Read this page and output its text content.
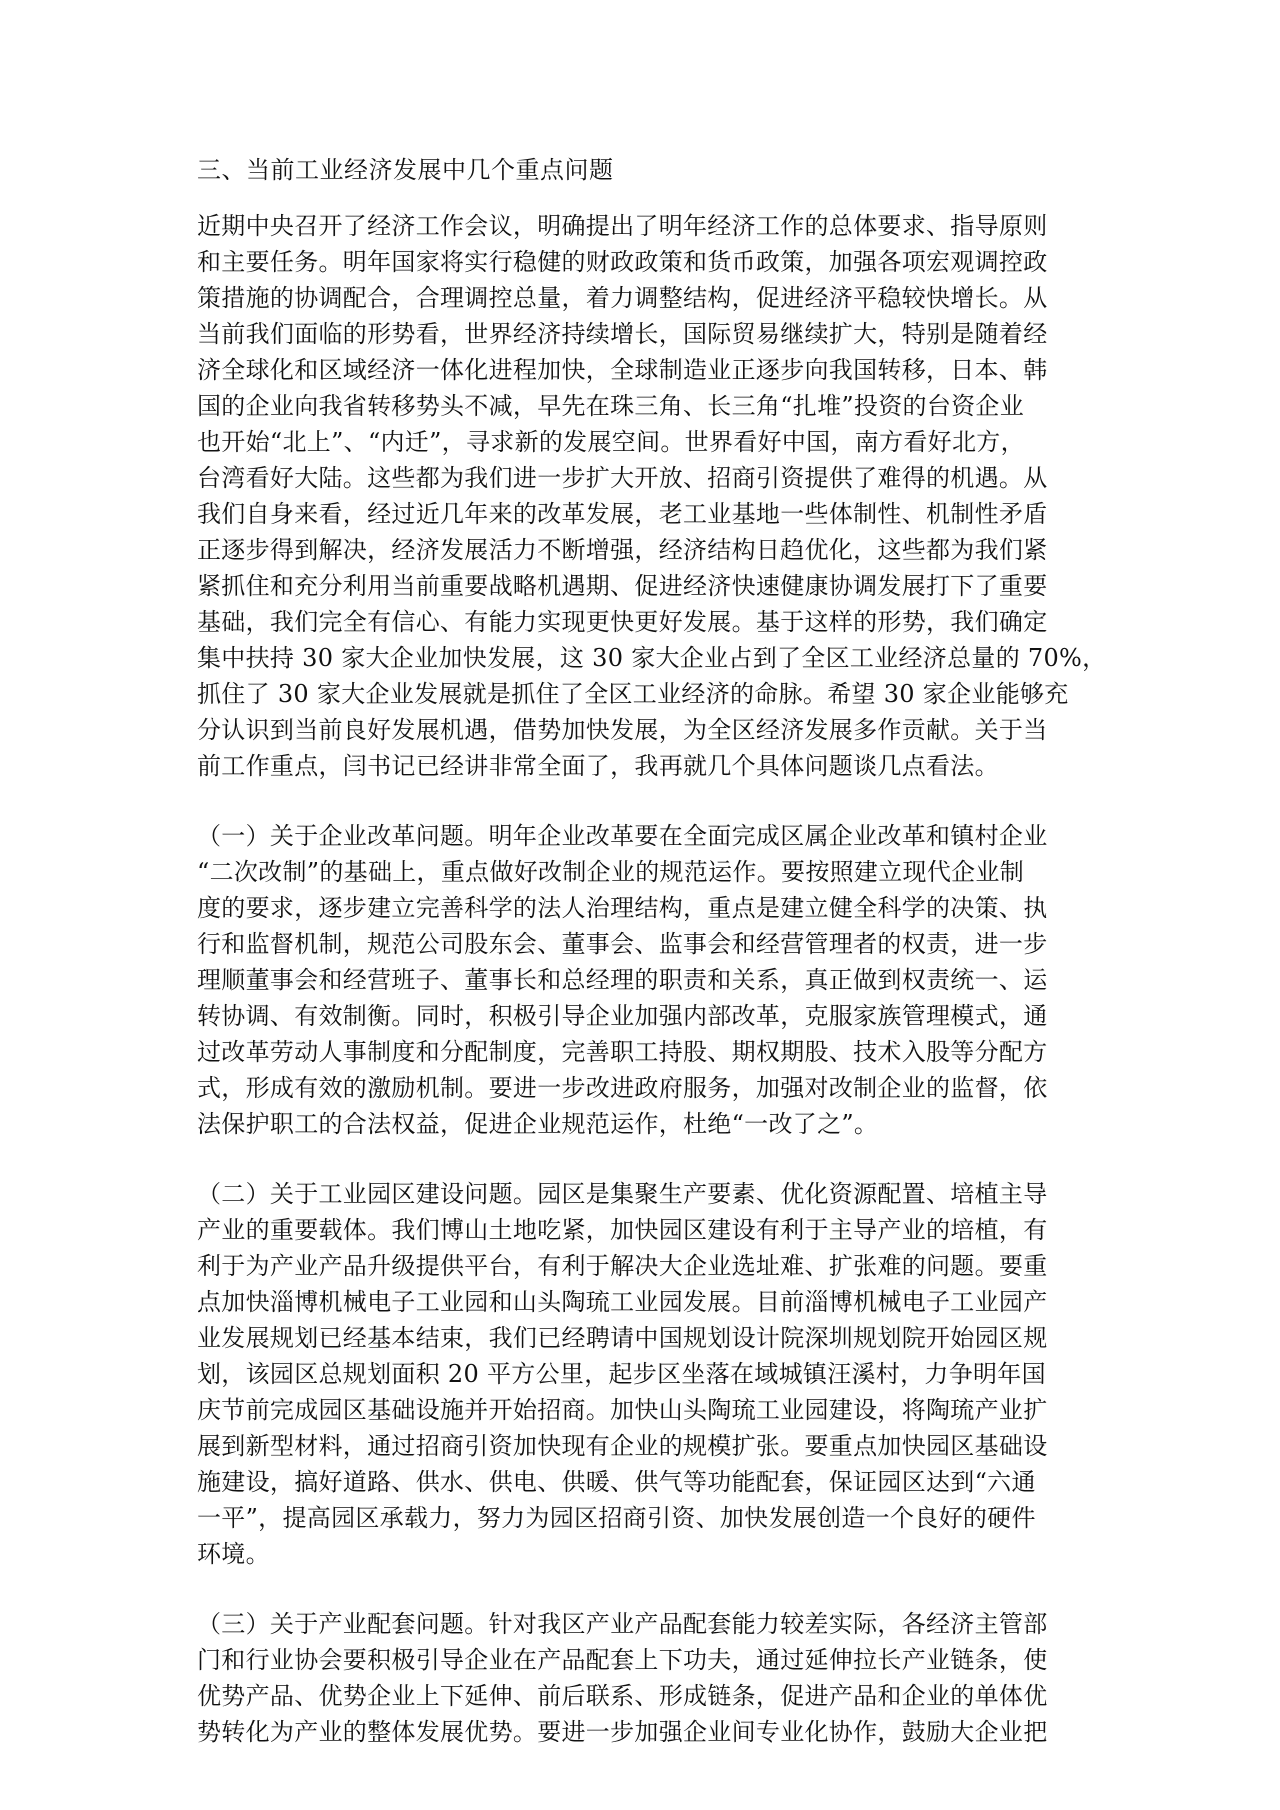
三、当前工业经济发展中几个重点问题
近期中央召开了经济工作会议，明确提出了明年经济工作的总体要求、指导原则
和主要任务。明年国家将实行稳健的财政政策和货币政策，加强各项宏观调控政
策措施的协调配合，合理调控总量，着力调整结构，促进经济平稳较快增长。从
当前我们面临的形势看，世界经济持续增长，国际贸易继续扩大，特别是随着经
济全球化和区域经济一体化进程加快，全球制造业正逐步向我国转移，日本、韩
国的企业向我省转移势头不减，早先在珠三角、长三角“扎堆”投资的台资企业
也开始“北上”、“内迁”，寻求新的发展空间。世界看好中国，南方看好北方，
台湾看好大陆。这些都为我们进一步扩大开放、招商引资提供了难得的机遇。从
我们自身来看，经过近几年来的改革发展，老工业基地一些体制性、机制性矛盾
正逐步得到解决，经济发展活力不断增强，经济结构日趋优化，这些都为我们紧
紧抓住和充分利用当前重要战略机遇期、促进经济快速健康协调发展打下了重要
基础，我们完全有信心、有能力实现更快更好发展。基于这样的形势，我们确定
集中扶持 30 家大企业加快发展，这 30 家大企业占到了全区工业经济总量的 70%，
抓住了 30 家大企业发展就是抓住了全区工业经济的命脉。希望 30 家企业能够充
分认识到当前良好发展机遇，借势加快发展，为全区经济发展多作贡献。关于当
前工作重点，闫书记已经讲非常全面了，我再就几个具体问题谈几点看法。
（一）关于企业改革问题。明年企业改革要在全面完成区属企业改革和镇村企业
“二次改制”的基础上，重点做好改制企业的规范运作。要按照建立现代企业制
度的要求，逐步建立完善科学的法人治理结构，重点是建立健全科学的决策、执
行和监督机制，规范公司股东会、董事会、监事会和经营管理者的权责，进一步
理顺董事会和经营班子、董事长和总经理的职责和关系，真正做到权责统一、运
转协调、有效制衡。同时，积极引导企业加强内部改革，克服家族管理模式，通
过改革劳动人事制度和分配制度，完善职工持股、期权期股、技术入股等分配方
式，形成有效的激励机制。要进一步改进政府服务，加强对改制企业的监督，依
法保护职工的合法权益，促进企业规范运作，杜绝“一改了之”。
（二）关于工业园区建设问题。园区是集聚生产要素、优化资源配置、培植主导
产业的重要载体。我们博山土地吃紧，加快园区建设有利于主导产业的培植，有
利于为产业产品升级提供平台，有利于解决大企业选址难、扩张难的问题。要重
点加快淄博机械电子工业园和山头陶琉工业园发展。目前淄博机械电子工业园产
业发展规划已经基本结束，我们已经聘请中国规划设计院深圳规划院开始园区规
划，该园区总规划面积 20 平方公里，起步区坐落在域城镇汪溪村，力争明年国
庆节前完成园区基础设施并开始招商。加快山头陶琉工业园建设，将陶琉产业扩
展到新型材料，通过招商引资加快现有企业的规模扩张。要重点加快园区基础设
施建设，搞好道路、供水、供电、供暖、供气等功能配套，保证园区达到“六通
一平”，提高园区承载力，努力为园区招商引资、加快发展创造一个良好的硬件
环境。
（三）关于产业配套问题。针对我区产业产品配套能力较差实际，各经济主管部
门和行业协会要积极引导企业在产品配套上下功夫，通过延伸拉长产业链条，使
优势产品、优势企业上下延伸、前后联系、形成链条，促进产品和企业的单体优
势转化为产业的整体发展优势。要进一步加强企业间专业化协作，鼓励大企业把
